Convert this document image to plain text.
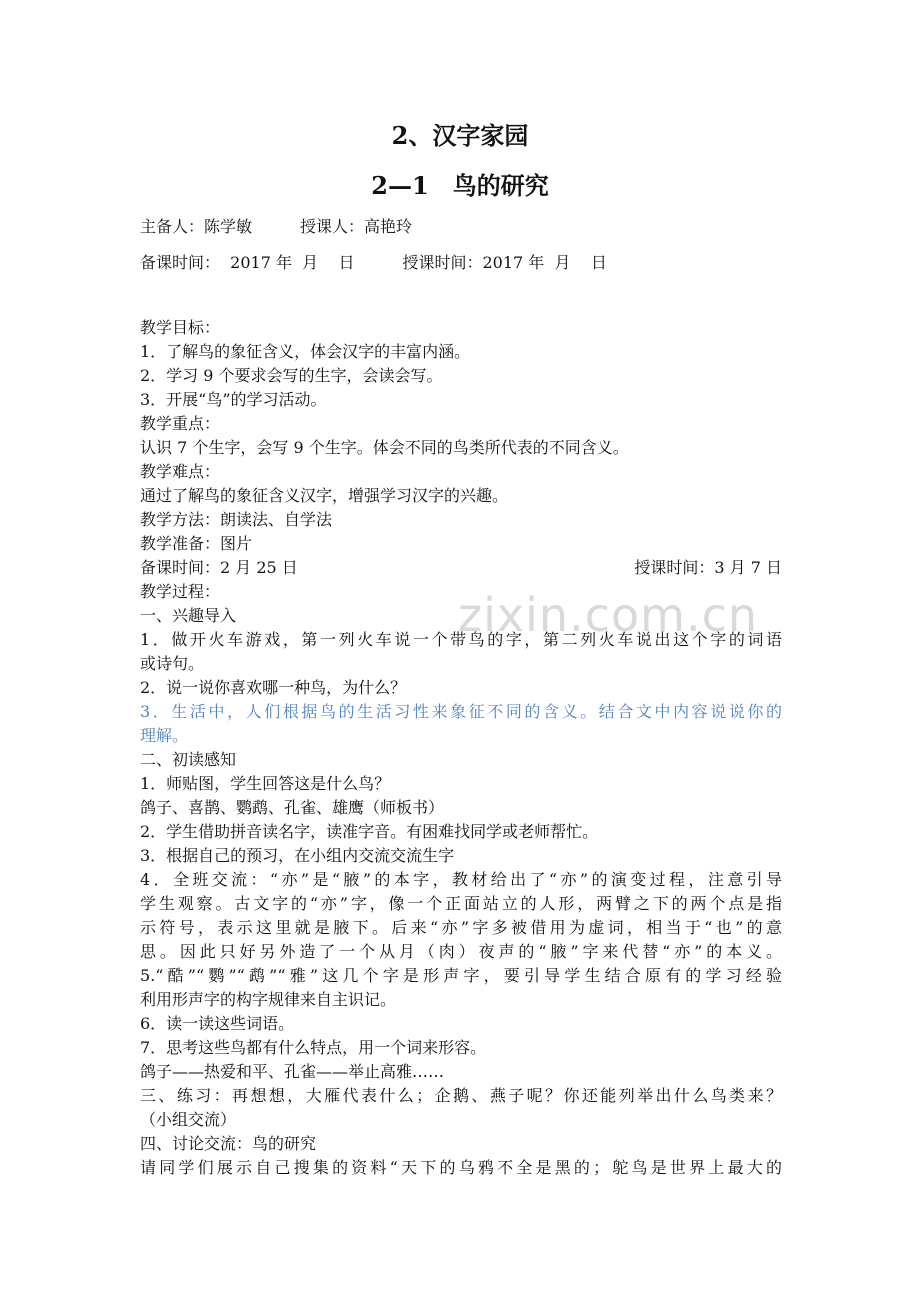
2、汉字家园
2—1　鸟的研究
主备人：陈学敏　　　授课人：高艳玲
备课时间：  2017 年  月    日　　　授课时间：2017 年  月    日
教学目标：
1．了解鸟的象征含义，体会汉字的丰富内涵。
2．学习 9 个要求会写的生字，会读会写。
3．开展“鸟”的学习活动。
教学重点：
认识 7 个生字，会写 9 个生字。体会不同的鸟类所代表的不同含义。
教学难点：
通过了解鸟的象征含义汉字，增强学习汉字的兴趣。
教学方法：朗读法、自学法
教学准备：图片
备课时间：2 月 25 日	授课时间：3 月 7 日
教学过程：
一、兴趣导入
1．做开火车游戏，第一列火车说一个带鸟的字，第二列火车说出这个字的词语
或诗句。
2．说一说你喜欢哪一种鸟，为什么？
3．生活中，人们根据鸟的生活习性来象征不同的含义。结合文中内容说说你的
理解。
二、初读感知
1．师贴图，学生回答这是什么鸟？
鸽子、喜鹊、鹦鹉、孔雀、雄鹰（师板书）
2．学生借助拼音读名字，读准字音。有困难找同学或老师帮忙。
3．根据自己的预习，在小组内交流交流生字
4．全班交流：“亦”是“腋”的本字，教材给出了“亦”的演变过程，注意引导
学生观察。古文字的“亦”字，像一个正面站立的人形，两臂之下的两个点是指
示符号，表示这里就是腋下。后来“亦”字多被借用为虚词，相当于“也”的意
思。因此只好另外造了一个从月（肉）夜声的“腋”字来代替“亦”的本义。
5.“酷”“鹦”“鹉”“雅”这几个字是形声字，要引导学生结合原有的学习经验
利用形声字的构字规律来自主识记。
6．读一读这些词语。
7．思考这些鸟都有什么特点，用一个词来形容。
鸽子——热爱和平、孔雀——举止高雅……
三、练习：再想想，大雁代表什么；企鹅、燕子呢？你还能列举出什么鸟类来？
（小组交流）
四、讨论交流：鸟的研究
请同学们展示自己搜集的资料“天下的乌鸦不全是黑的；鸵鸟是世界上最大的
zixin.com.cn
